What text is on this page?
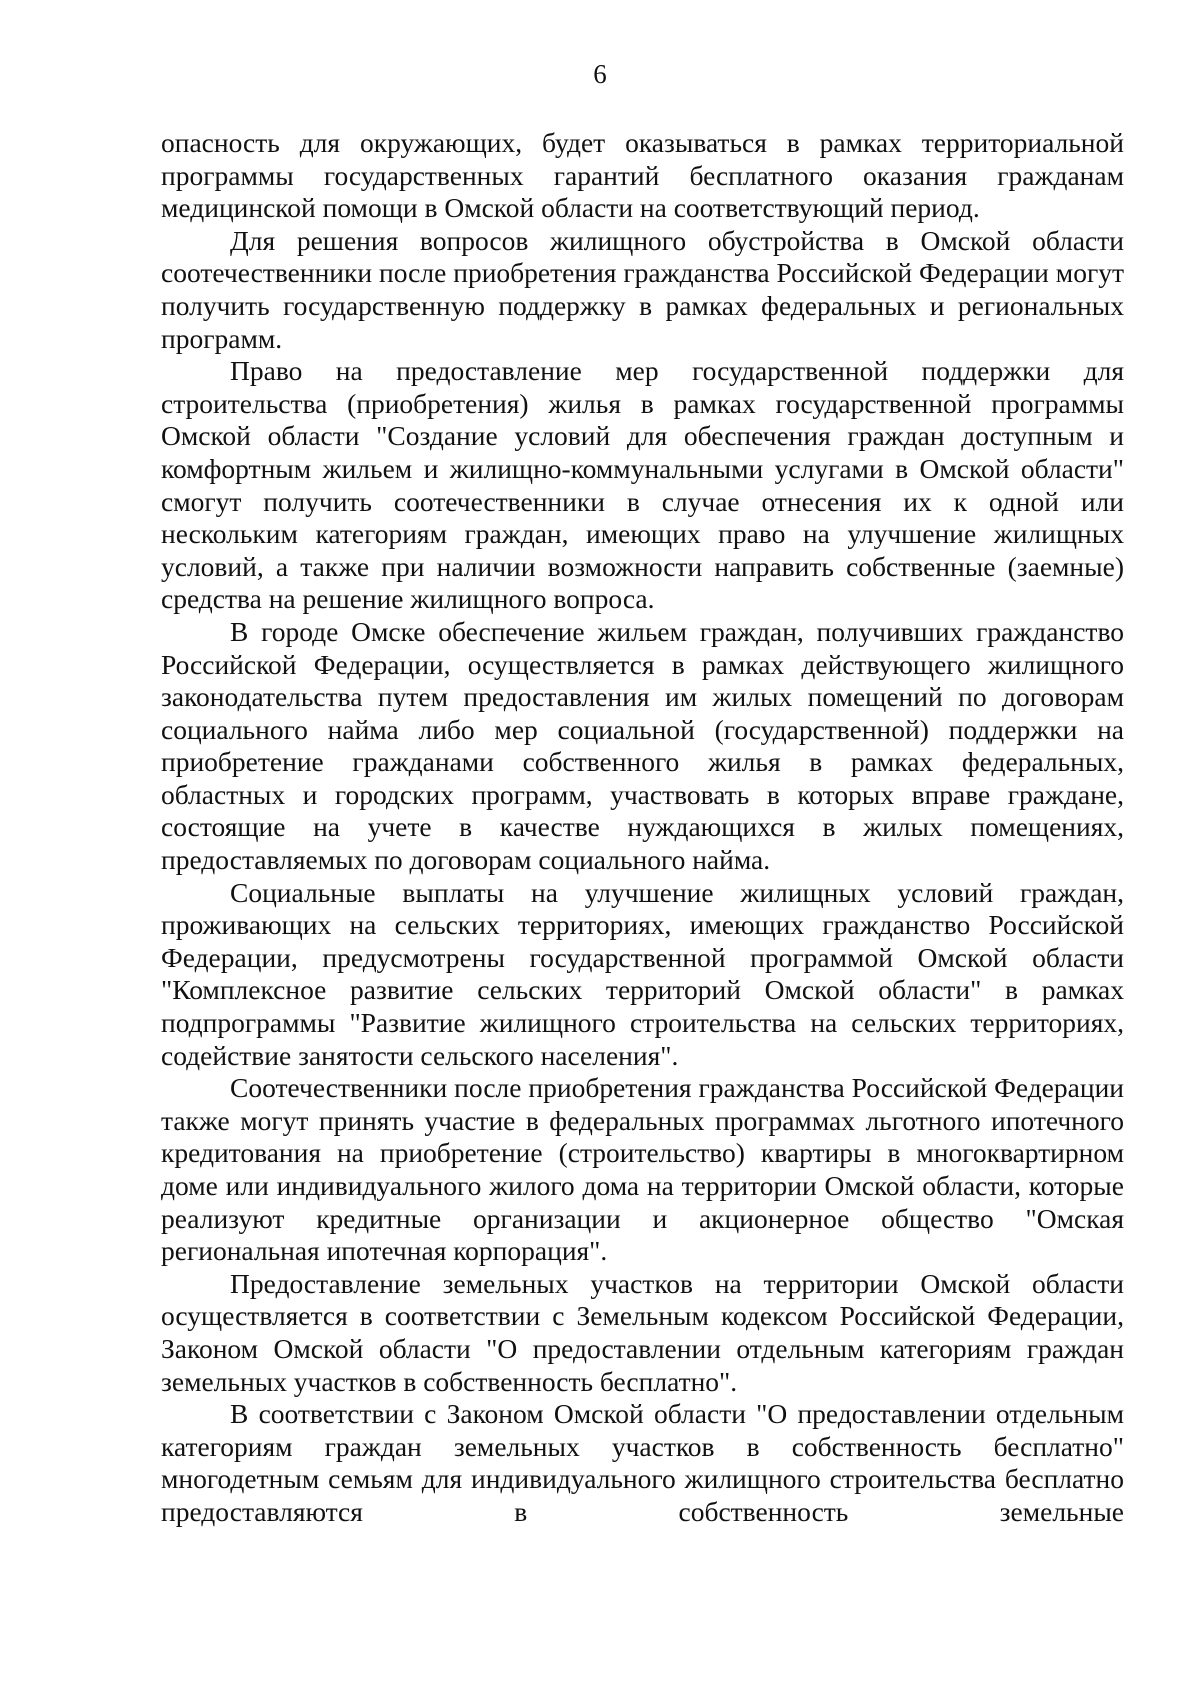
6

опасность для окружающих, будет оказываться в рамках территориальной программы государственных гарантий бесплатного оказания гражданам медицинской помощи в Омской области на соответствующий период.

Для решения вопросов жилищного обустройства в Омской области соотечественники после приобретения гражданства Российской Федерации могут получить государственную поддержку в рамках федеральных и региональных программ.

Право на предоставление мер государственной поддержки для строительства (приобретения) жилья в рамках государственной программы Омской области "Создание условий для обеспечения граждан доступным и комфортным жильем и жилищно-коммунальными услугами в Омской области" смогут получить соотечественники в случае отнесения их к одной или нескольким категориям граждан, имеющих право на улучшение жилищных условий, а также при наличии возможности направить собственные (заемные) средства на решение жилищного вопроса.

В городе Омске обеспечение жильем граждан, получивших гражданство Российской Федерации, осуществляется в рамках действующего жилищного законодательства путем предоставления им жилых помещений по договорам социального найма либо мер социальной (государственной) поддержки на приобретение гражданами собственного жилья в рамках федеральных, областных и городских программ, участвовать в которых вправе граждане, состоящие на учете в качестве нуждающихся в жилых помещениях, предоставляемых по договорам социального найма.

Социальные выплаты на улучшение жилищных условий граждан, проживающих на сельских территориях, имеющих гражданство Российской Федерации, предусмотрены государственной программой Омской области "Комплексное развитие сельских территорий Омской области" в рамках подпрограммы "Развитие жилищного строительства на сельских территориях, содействие занятости сельского населения".

Соотечественники после приобретения гражданства Российской Федерации также могут принять участие в федеральных программах льготного ипотечного кредитования на приобретение (строительство) квартиры в многоквартирном доме или индивидуального жилого дома на территории Омской области, которые реализуют кредитные организации и акционерное общество "Омская региональная ипотечная корпорация".

Предоставление земельных участков на территории Омской области осуществляется в соответствии с Земельным кодексом Российской Федерации, Законом Омской области "О предоставлении отдельным категориям граждан земельных участков в собственность бесплатно".

В соответствии с Законом Омской области "О предоставлении отдельным категориям граждан земельных участков в собственность бесплатно" многодетным семьям для индивидуального жилищного строительства бесплатно предоставляются в собственность земельные
